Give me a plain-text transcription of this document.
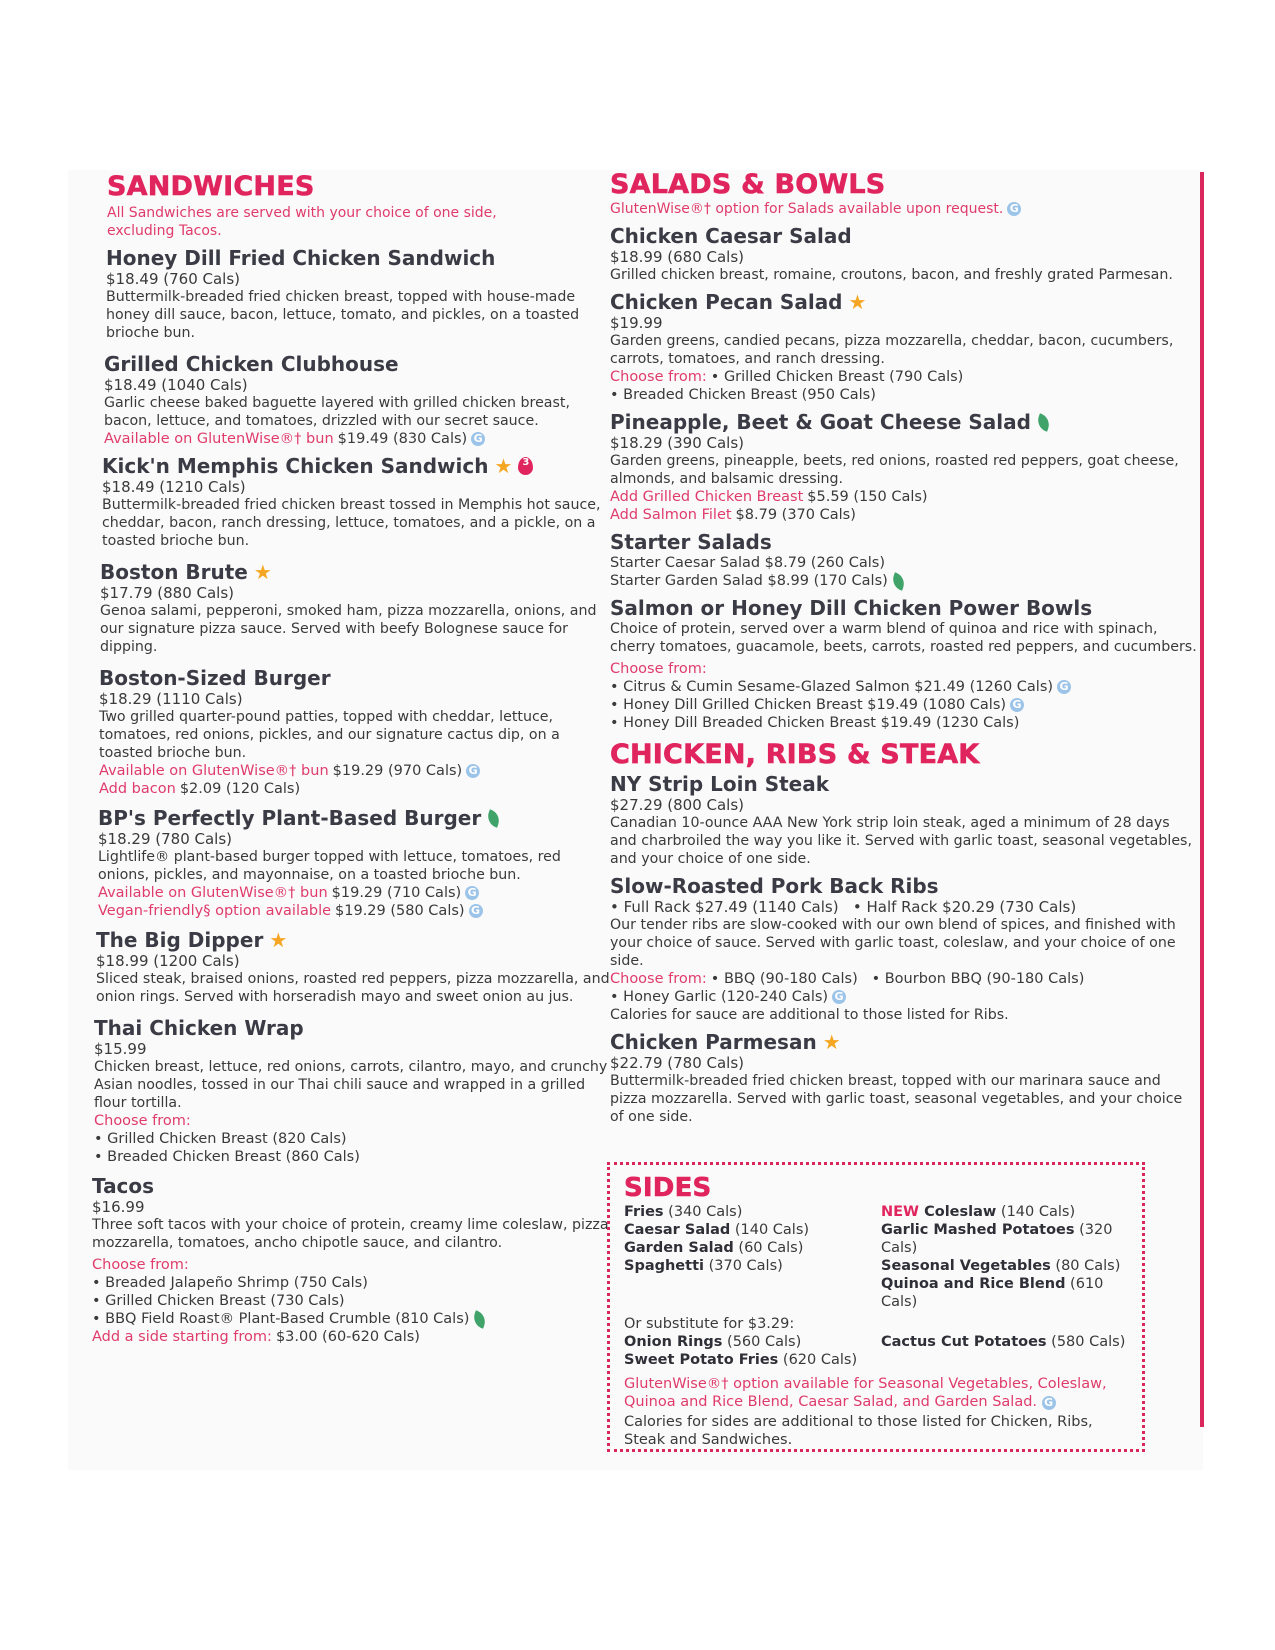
SANDWICHES
All Sandwiches are served with your choice of one side, excluding Tacos.
Honey Dill Fried Chicken Sandwich
$18.49 (760 Cals)
Buttermilk-breaded fried chicken breast, topped with house-made honey dill sauce, bacon, lettuce, tomato, and pickles, on a toasted brioche bun.
Grilled Chicken Clubhouse
$18.49 (1040 Cals)
Garlic cheese baked baguette layered with grilled chicken breast, bacon, lettuce, and tomatoes, drizzled with our secret sauce.
Available on GlutenWise®† bun $19.49 (830 Cals) G
Kick'n Memphis Chicken Sandwich ★	3
$18.49 (1210 Cals)
Buttermilk-breaded fried chicken breast tossed in Memphis hot sauce, cheddar, bacon, ranch dressing, lettuce, tomatoes, and a pickle, on a toasted brioche bun.
Boston Brute ★
$17.79 (880 Cals)
Genoa salami, pepperoni, smoked ham, pizza mozzarella, onions, and our signature pizza sauce. Served with beefy Bolognese sauce for dipping.
Boston-Sized Burger
$18.29 (1110 Cals)
Two grilled quarter-pound patties, topped with cheddar, lettuce, tomatoes, red onions, pickles, and our signature cactus dip, on a toasted brioche bun.
Available on GlutenWise®† bun $19.29 (970 Cals) G
Add bacon $2.09 (120 Cals)
BP's Perfectly Plant-Based Burger
$18.29 (780 Cals)
Lightlife® plant-based burger topped with lettuce, tomatoes, red onions, pickles, and mayonnaise, on a toasted brioche bun.
Available on GlutenWise®† bun $19.29 (710 Cals) G
Vegan-friendly§ option available $19.29 (580 Cals) G
The Big Dipper ★
$18.99 (1200 Cals)
Sliced steak, braised onions, roasted red peppers, pizza mozzarella, and onion rings. Served with horseradish mayo and sweet onion au jus.
Thai Chicken Wrap
$15.99
Chicken breast, lettuce, red onions, carrots, cilantro, mayo, and crunchy Asian noodles, tossed in our Thai chili sauce and wrapped in a grilled flour tortilla.
Choose from:
• Grilled Chicken Breast (820 Cals)
• Breaded Chicken Breast (860 Cals)
Tacos
$16.99
Three soft tacos with your choice of protein, creamy lime coleslaw, pizza mozzarella, tomatoes, ancho chipotle sauce, and cilantro.
Choose from:
• Breaded Jalapeño Shrimp (750 Cals)
• Grilled Chicken Breast (730 Cals)
• BBQ Field Roast® Plant-Based Crumble (810 Cals)
Add a side starting from: $3.00 (60-620 Cals)
SALADS & BOWLS
GlutenWise®† option for Salads available upon request. G
Chicken Caesar Salad
$18.99 (680 Cals)
Grilled chicken breast, romaine, croutons, bacon, and freshly grated Parmesan.
Chicken Pecan Salad ★
$19.99
Garden greens, candied pecans, pizza mozzarella, cheddar, bacon, cucumbers, carrots, tomatoes, and ranch dressing.
Choose from: • Grilled Chicken Breast (790 Cals)
• Breaded Chicken Breast (950 Cals)
Pineapple, Beet & Goat Cheese Salad
$18.29 (390 Cals)
Garden greens, pineapple, beets, red onions, roasted red peppers, goat cheese, almonds, and balsamic dressing.
Add Grilled Chicken Breast $5.59 (150 Cals)
Add Salmon Filet $8.79 (370 Cals)
Starter Salads
Starter Caesar Salad $8.79 (260 Cals)
Starter Garden Salad $8.99 (170 Cals)
Salmon or Honey Dill Chicken Power Bowls
Choice of protein, served over a warm blend of quinoa and rice with spinach, cherry tomatoes, guacamole, beets, carrots, roasted red peppers, and cucumbers.
Choose from:
• Citrus & Cumin Sesame-Glazed Salmon $21.49 (1260 Cals) G
• Honey Dill Grilled Chicken Breast $19.49 (1080 Cals) G
• Honey Dill Breaded Chicken Breast $19.49 (1230 Cals)
CHICKEN, RIBS & STEAK
NY Strip Loin Steak
$27.29 (800 Cals)
Canadian 10-ounce AAA New York strip loin steak, aged a minimum of 28 days and charbroiled the way you like it. Served with garlic toast, seasonal vegetables, and your choice of one side.
Slow-Roasted Pork Back Ribs
• Full Rack $27.49 (1140 Cals)   • Half Rack $20.29 (730 Cals)
Our tender ribs are slow-cooked with our own blend of spices, and finished with your choice of sauce. Served with garlic toast, coleslaw, and your choice of one side.
Choose from: • BBQ (90-180 Cals)   • Bourbon BBQ (90-180 Cals)
• Honey Garlic (120-240 Cals) G
Calories for sauce are additional to those listed for Ribs.
Chicken Parmesan ★
$22.79 (780 Cals)
Buttermilk-breaded fried chicken breast, topped with our marinara sauce and pizza mozzarella. Served with garlic toast, seasonal vegetables, and your choice of one side.
SIDES
Fries (340 Cals)
Caesar Salad (140 Cals)
Garden Salad (60 Cals)
Spaghetti (370 Cals)
NEW Coleslaw (140 Cals)
Garlic Mashed Potatoes (320 Cals)
Seasonal Vegetables (80 Cals)
Quinoa and Rice Blend (610 Cals)
Or substitute for $3.29:
Onion Rings (560 Cals)
Sweet Potato Fries (620 Cals)
Cactus Cut Potatoes (580 Cals)
GlutenWise®† option available for Seasonal Vegetables, Coleslaw, Quinoa and Rice Blend, Caesar Salad, and Garden Salad. G
Calories for sides are additional to those listed for Chicken, Ribs, Steak and Sandwiches.
